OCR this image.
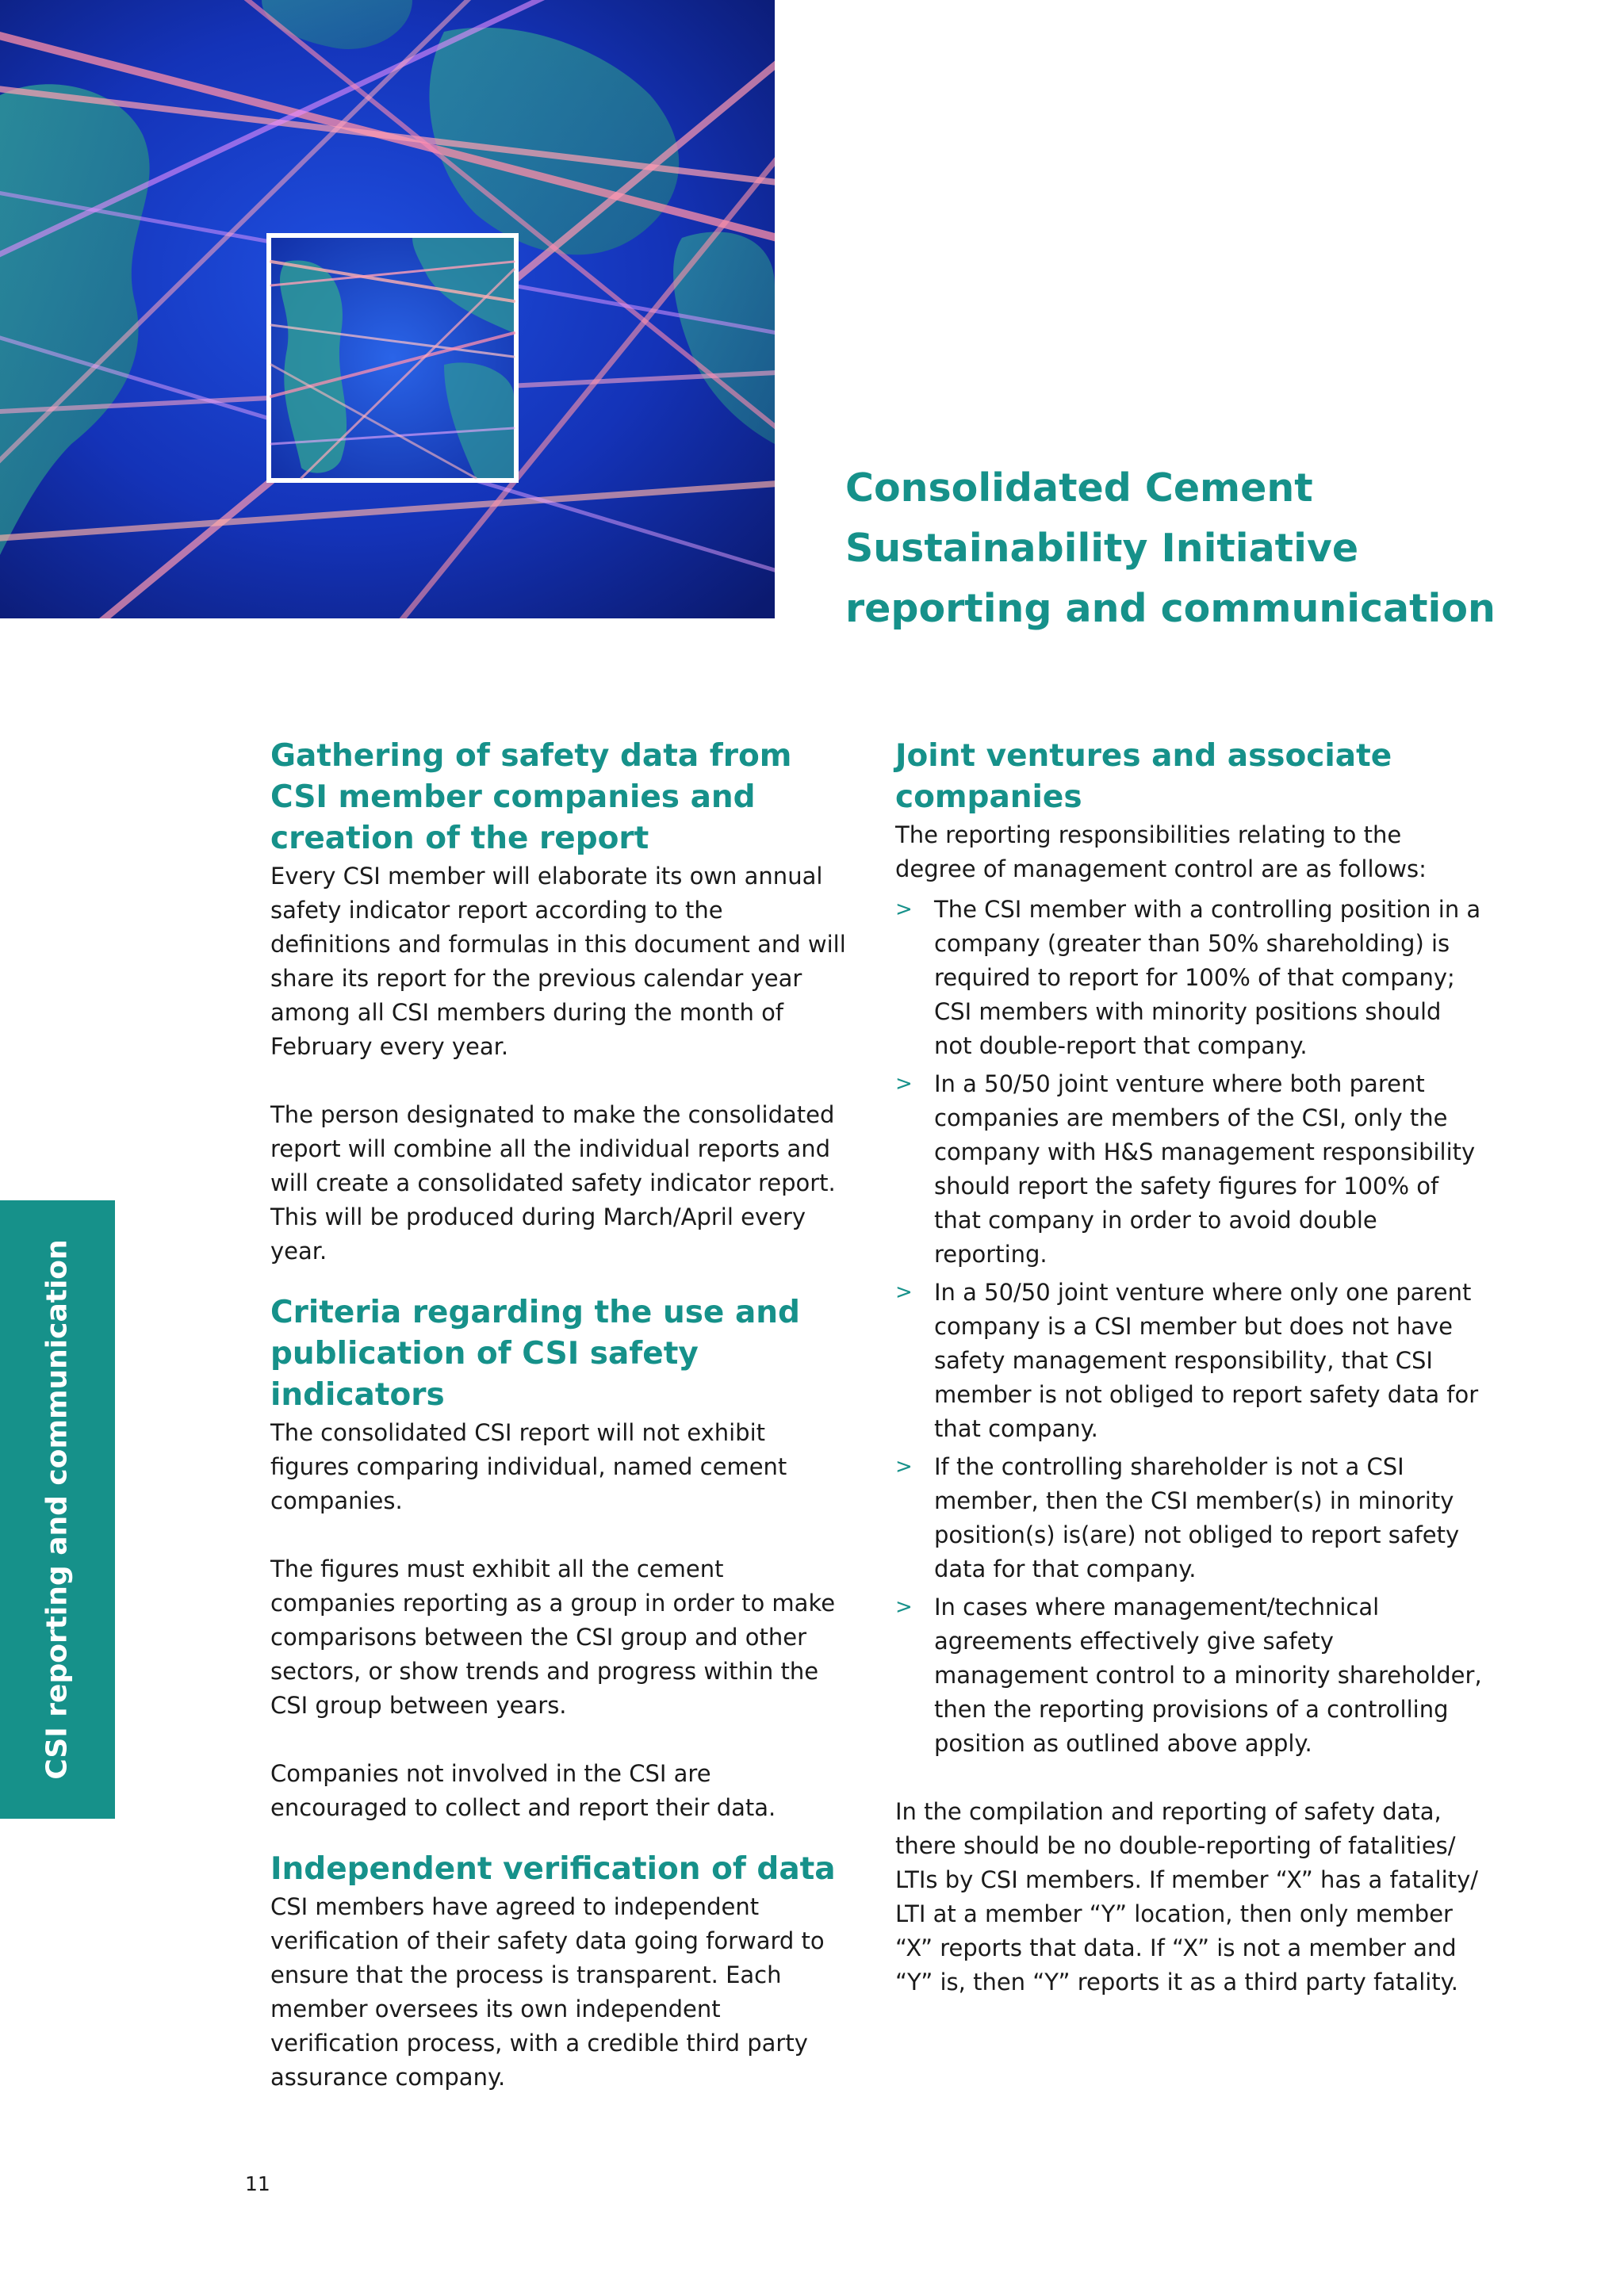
Consolidated Cement
Sustainability Initiative
reporting and communication
Gathering of safety data from CSI member companies and creation of the report

Every CSI member will elaborate its own annual safety indicator report according to the definitions and formulas in this document and will share its report for the previous calendar year among all CSI members during the month of February every year.

The person designated to make the consolidated report will combine all the individual reports and will create a consolidated safety indicator report. This will be produced during March/April every year.

Criteria regarding the use and publication of CSI safety indicators

The consolidated CSI report will not exhibit figures comparing individual, named cement companies.

The figures must exhibit all the cement companies reporting as a group in order to make comparisons between the CSI group and other sectors, or show trends and progress within the CSI group between years.

Companies not involved in the CSI are encouraged to collect and report their data.

Independent verification of data

CSI members have agreed to independent verification of their safety data going forward to ensure that the process is transparent. Each member oversees its own independent verification process, with a credible third party assurance company.

Joint ventures and associate companies

The reporting responsibilities relating to the degree of management control are as follows:

> The CSI member with a controlling position in a company (greater than 50% shareholding) is required to report for 100% of that company; CSI members with minority positions should not double-report that company.
> In a 50/50 joint venture where both parent companies are members of the CSI, only the company with H&S management responsibility should report the safety figures for 100% of that company in order to avoid double reporting.
> In a 50/50 joint venture where only one parent company is a CSI member but does not have safety management responsibility, that CSI member is not obliged to report safety data for that company.
> If the controlling shareholder is not a CSI member, then the CSI member(s) in minority position(s) is(are) not obliged to report safety data for that company.
> In cases where management/technical agreements effectively give safety management control to a minority shareholder, then the reporting provisions of a controlling position as outlined above apply.

In the compilation and reporting of safety data, there should be no double-reporting of fatalities/ LTIs by CSI members. If member “X” has a fatality/ LTI at a member “Y” location, then only member “X” reports that data. If “X” is not a member and “Y” is, then “Y” reports it as a third party fatality.

CSI reporting and communication
11
